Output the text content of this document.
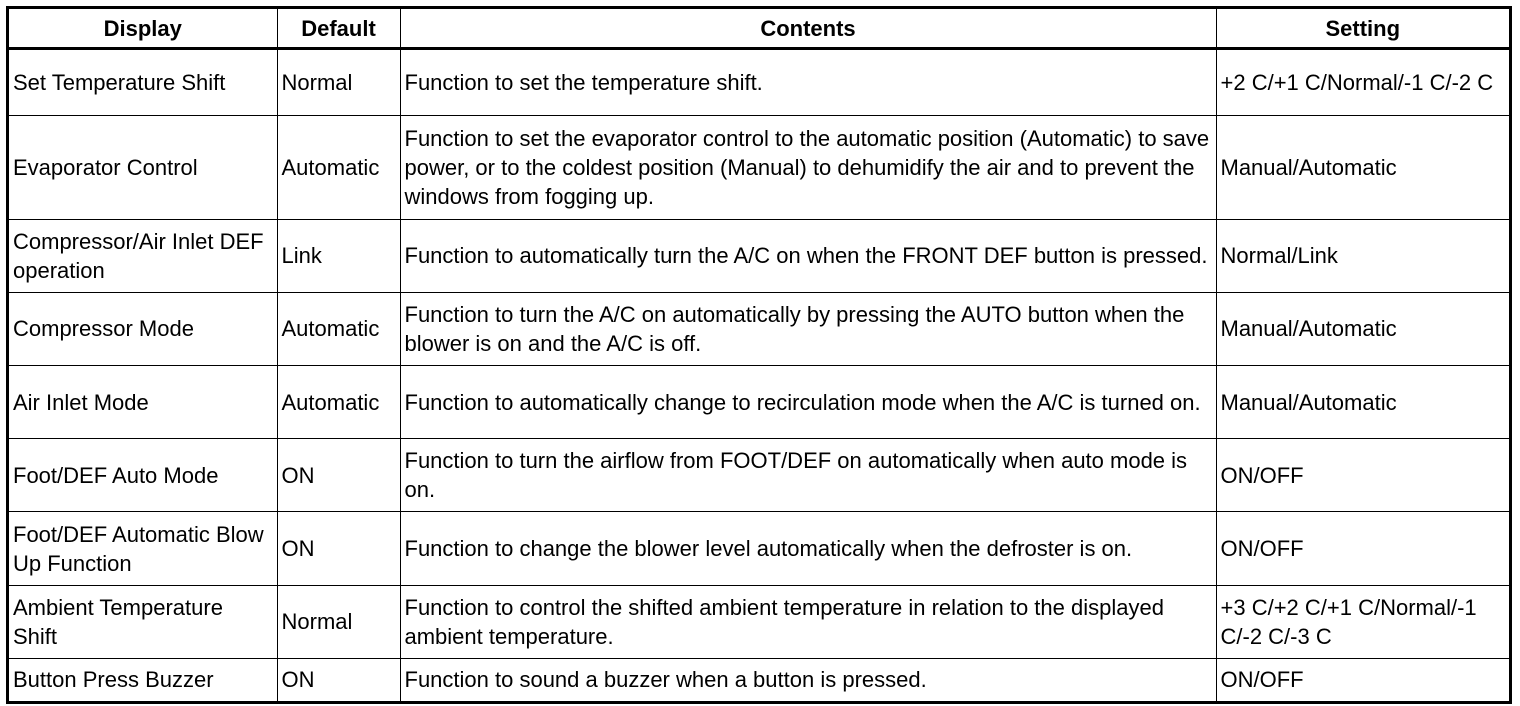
Display	Default	Contents	Setting
Set Temperature Shift	Normal	Function to set the temperature shift.	+2 C/+1 C/Normal/-1 C/-2 C
Evaporator Control	Automatic	Function to set the evaporator control to the automatic position (Automatic) to save power, or to the coldest position (Manual) to dehumidify the air and to prevent the windows from fogging up.	Manual/Automatic
Compressor/Air Inlet DEF operation	Link	Function to automatically turn the A/C on when the FRONT DEF button is pressed.	Normal/Link
Compressor Mode	Automatic	Function to turn the A/C on automatically by pressing the AUTO button when the blower is on and the A/C is off.	Manual/Automatic
Air Inlet Mode	Automatic	Function to automatically change to recirculation mode when the A/C is turned on.	Manual/Automatic
Foot/DEF Auto Mode	ON	Function to turn the airflow from FOOT/DEF on automatically when auto mode is on.	ON/OFF
Foot/DEF Automatic Blow Up Function	ON	Function to change the blower level automatically when the defroster is on.	ON/OFF
Ambient Temperature Shift	Normal	Function to control the shifted ambient temperature in relation to the displayed ambient temperature.	+3 C/+2 C/+1 C/Normal/-1 C/-2 C/-3 C
Button Press Buzzer	ON	Function to sound a buzzer when a button is pressed.	ON/OFF
